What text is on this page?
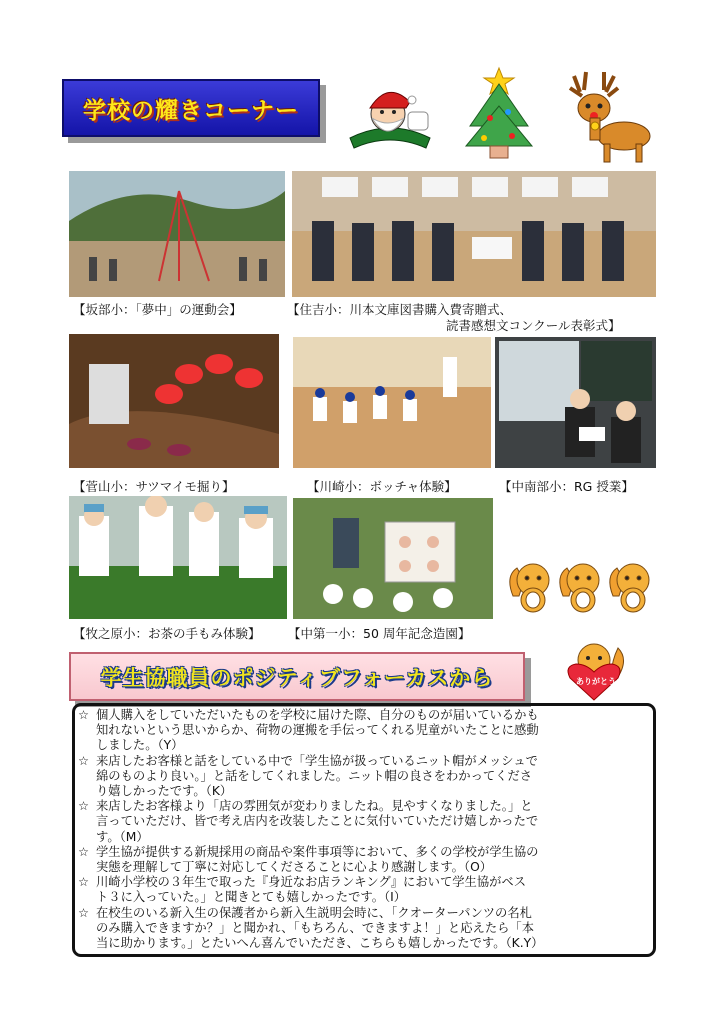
学校の耀きコーナー
【坂部小：「夢中」の運動会】	【住吉小：川本文庫図書購入費寄贈式、
読書感想文コンクール表彰式】
【菅山小：サツマイモ掘り】	【川崎小：ボッチャ体験】	【中南部小：RG 授業】
【牧之原小：お茶の手もみ体験】 【中第一小：50 周年記念造園】
学生協職員のポジティブフォーカスから	ありがとう
☆ 個人購入をしていただいたものを学校に届けた際、自分のものが届いているかも
知れないという思いからか、荷物の運搬を手伝ってくれる児童がいたことに感動
しました。（Y）
☆ 来店したお客様と話をしている中で「学生協が扱っているニット帽がメッシュで
綿のものより良い。」と話をしてくれました。ニット帽の良さをわかってくださ
り嬉しかったです。（K）
☆ 来店したお客様より「店の雰囲気が変わりましたね。見やすくなりました。」と
言っていただけ、皆で考え店内を改装したことに気付いていただけ嬉しかったで
す。（M）
☆ 学生協が提供する新規採用の商品や案件事項等において、多くの学校が学生協の
実態を理解して丁寧に対応してくださることに心より感謝します。（O）
☆ 川崎小学校の３年生で取った『身近なお店ランキング』において学生協がベス
ト３に入っていた。」と聞きとても嬉しかったです。（I）
☆ 在校生のいる新入生の保護者から新入生説明会時に、「クオーターパンツの名札
のみ購入できますか？」と聞かれ、「もちろん、できますよ！」と応えたら「本
当に助かります。」とたいへん喜んでいただき、こちらも嬉しかったです。（K.Y）
